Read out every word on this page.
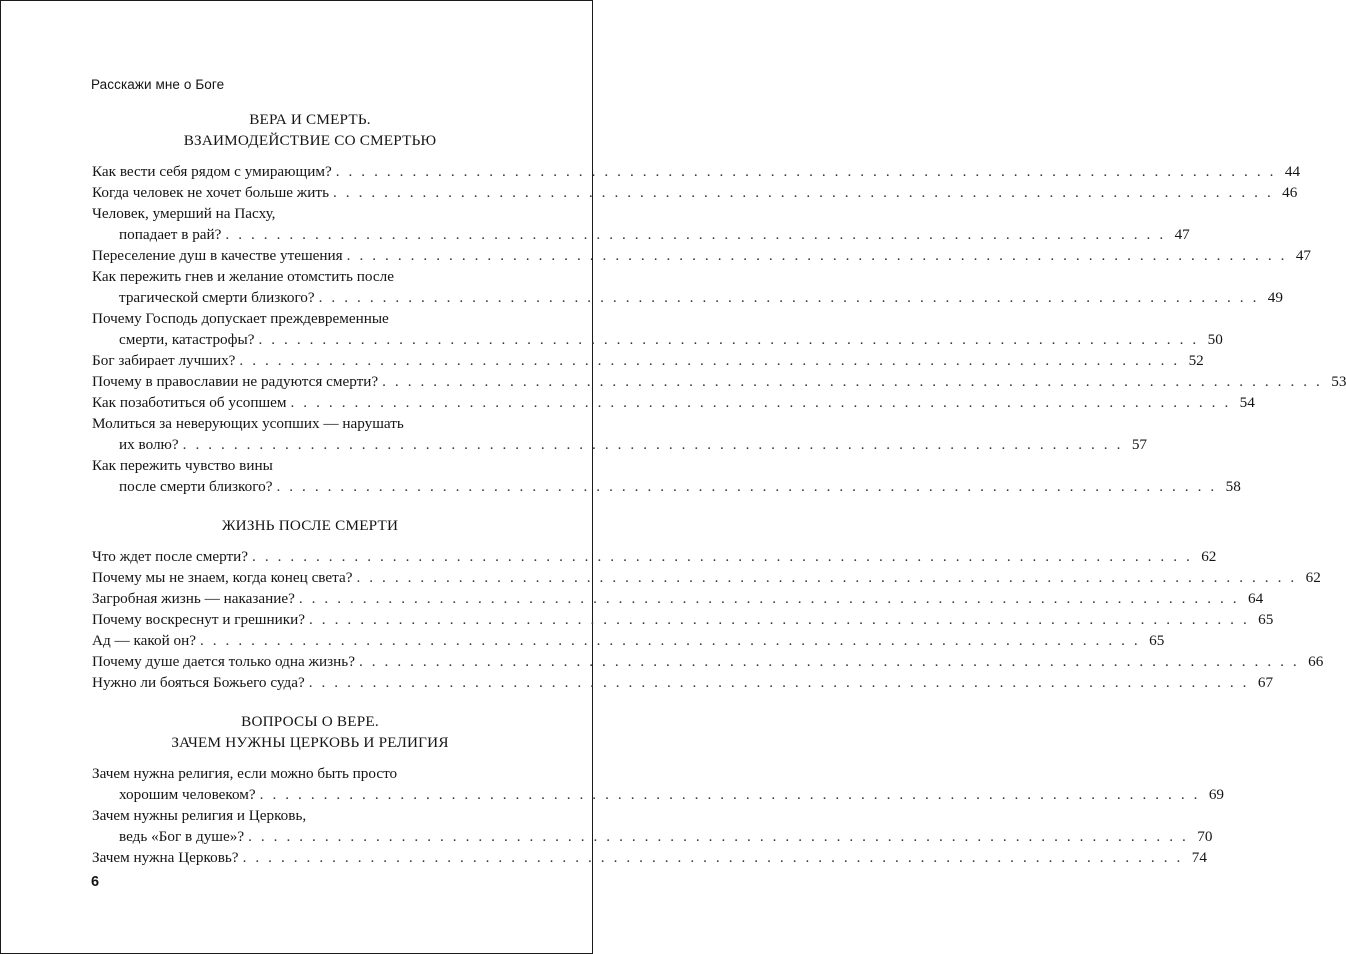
Расскажи мне о Боге
ВЕРА И СМЕРТЬ.
ВЗАИМОДЕЙСТВИЕ СО СМЕРТЬЮ
Как вести себя рядом с умирающим? . . . . . . . . . . . . . . . . . . . . . . . . . . . . . . . . . . . . . . . . . . . . . . . . . . . . . . . . . . . . . . . . . . . . . . . . . . 44
Когда человек не хочет больше жить . . . . . . . . . . . . . . . . . . . . . . . . . . . . . . . . . . . . . . . . . . . . . . . . . . . . . . . . . . . . . . . . . . . . . . . . . . 46
Человек, умерший на Пасху,
попадает в рай? . . . . . . . . . . . . . . . . . . . . . . . . . . . . . . . . . . . . . . . . . . . . . . . . . . . . . . . . . . . . . . . . . . . . . . . . . . 47
Переселение душ в качестве утешения . . . . . . . . . . . . . . . . . . . . . . . . . . . . . . . . . . . . . . . . . . . . . . . . . . . . . . . . . . . . . . . . . . . . . . . . . . 47
Как пережить гнев и желание отомстить после
трагической смерти близкого? . . . . . . . . . . . . . . . . . . . . . . . . . . . . . . . . . . . . . . . . . . . . . . . . . . . . . . . . . . . . . . . . . . . . . . . . . . 49
Почему Господь допускает преждевременные
смерти, катастрофы? . . . . . . . . . . . . . . . . . . . . . . . . . . . . . . . . . . . . . . . . . . . . . . . . . . . . . . . . . . . . . . . . . . . . . . . . . . 50
Бог забирает лучших? . . . . . . . . . . . . . . . . . . . . . . . . . . . . . . . . . . . . . . . . . . . . . . . . . . . . . . . . . . . . . . . . . . . . . . . . . . 52
Почему в православии не радуются смерти? . . . . . . . . . . . . . . . . . . . . . . . . . . . . . . . . . . . . . . . . . . . . . . . . . . . . . . . . . . . . . . . . . . . . . . . . . . 53
Как позаботиться об усопшем . . . . . . . . . . . . . . . . . . . . . . . . . . . . . . . . . . . . . . . . . . . . . . . . . . . . . . . . . . . . . . . . . . . . . . . . . . 54
Молиться за неверующих усопших — нарушать
их волю? . . . . . . . . . . . . . . . . . . . . . . . . . . . . . . . . . . . . . . . . . . . . . . . . . . . . . . . . . . . . . . . . . . . . . . . . . . 57
Как пережить чувство вины
после смерти близкого? . . . . . . . . . . . . . . . . . . . . . . . . . . . . . . . . . . . . . . . . . . . . . . . . . . . . . . . . . . . . . . . . . . . . . . . . . . 58
ЖИЗНЬ ПОСЛЕ СМЕРТИ
Что ждет после смерти? . . . . . . . . . . . . . . . . . . . . . . . . . . . . . . . . . . . . . . . . . . . . . . . . . . . . . . . . . . . . . . . . . . . . . . . . . . 62
Почему мы не знаем, когда конец света? . . . . . . . . . . . . . . . . . . . . . . . . . . . . . . . . . . . . . . . . . . . . . . . . . . . . . . . . . . . . . . . . . . . . . . . . . . 62
Загробная жизнь — наказание? . . . . . . . . . . . . . . . . . . . . . . . . . . . . . . . . . . . . . . . . . . . . . . . . . . . . . . . . . . . . . . . . . . . . . . . . . . 64
Почему воскреснут и грешники? . . . . . . . . . . . . . . . . . . . . . . . . . . . . . . . . . . . . . . . . . . . . . . . . . . . . . . . . . . . . . . . . . . . . . . . . . . 65
Ад — какой он? . . . . . . . . . . . . . . . . . . . . . . . . . . . . . . . . . . . . . . . . . . . . . . . . . . . . . . . . . . . . . . . . . . . . . . . . . . 65
Почему душе дается только одна жизнь? . . . . . . . . . . . . . . . . . . . . . . . . . . . . . . . . . . . . . . . . . . . . . . . . . . . . . . . . . . . . . . . . . . . . . . . . . . 66
Нужно ли бояться Божьего суда? . . . . . . . . . . . . . . . . . . . . . . . . . . . . . . . . . . . . . . . . . . . . . . . . . . . . . . . . . . . . . . . . . . . . . . . . . . 67
ВОПРОСЫ О ВЕРЕ.
ЗАЧЕМ НУЖНЫ ЦЕРКОВЬ И РЕЛИГИЯ
Зачем нужна религия, если можно быть просто
хорошим человеком? . . . . . . . . . . . . . . . . . . . . . . . . . . . . . . . . . . . . . . . . . . . . . . . . . . . . . . . . . . . . . . . . . . . . . . . . . . 69
Зачем нужны религия и Церковь,
ведь «Бог в душе»? . . . . . . . . . . . . . . . . . . . . . . . . . . . . . . . . . . . . . . . . . . . . . . . . . . . . . . . . . . . . . . . . . . . . . . . . . . 70
Зачем нужна Церковь? . . . . . . . . . . . . . . . . . . . . . . . . . . . . . . . . . . . . . . . . . . . . . . . . . . . . . . . . . . . . . . . . . . . . . . . . . . 74
6
